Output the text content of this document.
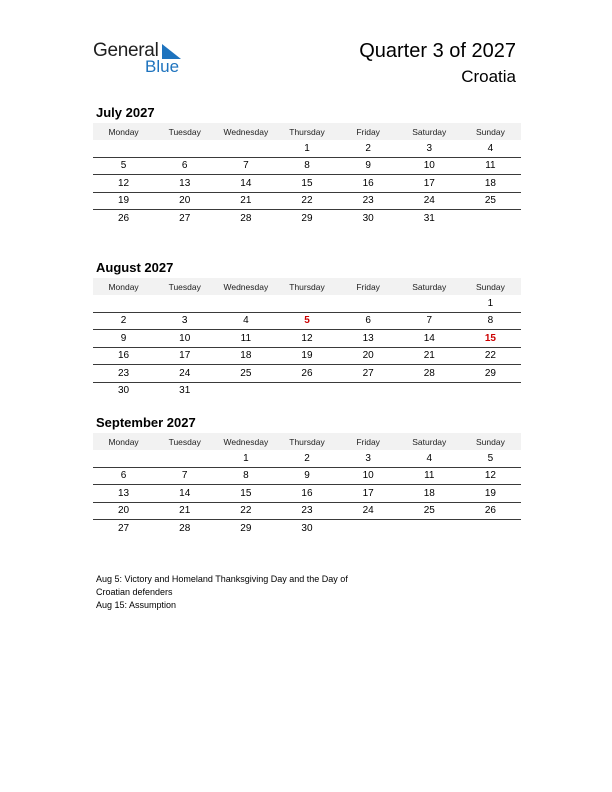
General
Blue
Quarter 3 of 2027
Croatia
July 2027
Monday	Tuesday	Wednesday	Thursday	Friday	Saturday	Sunday
			1	2	3	4
5	6	7	8	9	10	11
12	13	14	15	16	17	18
19	20	21	22	23	24	25
26	27	28	29	30	31	
August 2027
Monday	Tuesday	Wednesday	Thursday	Friday	Saturday	Sunday
						1
2	3	4	5	6	7	8
9	10	11	12	13	14	15
16	17	18	19	20	21	22
23	24	25	26	27	28	29
30	31					
September 2027
Monday	Tuesday	Wednesday	Thursday	Friday	Saturday	Sunday
		1	2	3	4	5
6	7	8	9	10	11	12
13	14	15	16	17	18	19
20	21	22	23	24	25	26
27	28	29	30			
Aug 5: Victory and Homeland Thanksgiving Day and the Day of
Croatian defenders
Aug 15: Assumption
